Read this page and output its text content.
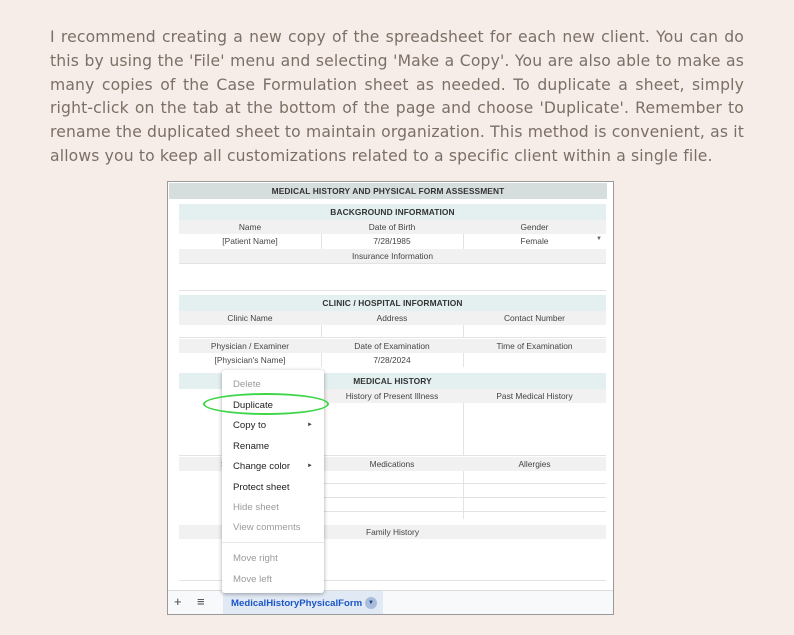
I recommend creating a new copy of the spreadsheet for each new client. You can do this by using the 'File' menu and selecting 'Make a Copy'. You are also able to make as many copies of the Case Formulation sheet as needed. To duplicate a sheet, simply right-click on the tab at the bottom of the page and choose 'Duplicate'. Remember to rename the duplicated sheet to maintain organization. This method is convenient, as it allows you to keep all customizations related to a specific client within a single file.

MEDICAL HISTORY AND PHYSICAL FORM ASSESSMENT
BACKGROUND INFORMATION
Name	Date of Birth	Gender
[Patient Name]	7/28/1985	Female	▼
Insurance Information
CLINIC / HOSPITAL INFORMATION
Clinic Name	Address	Contact Number
Physician / Examiner	Date of Examination	Time of Examination
[Physician's Name]	7/28/2024
MEDICAL HISTORY
History of Present Illness	Past Medical History
Medications	Allergies
Family History
+ ≡	MedicalHistoryPhysicalForm ▼
Delete
Duplicate
Copy to	►
Rename
Change color	►
Protect sheet
Hide sheet
View comments
Move right
Move left
